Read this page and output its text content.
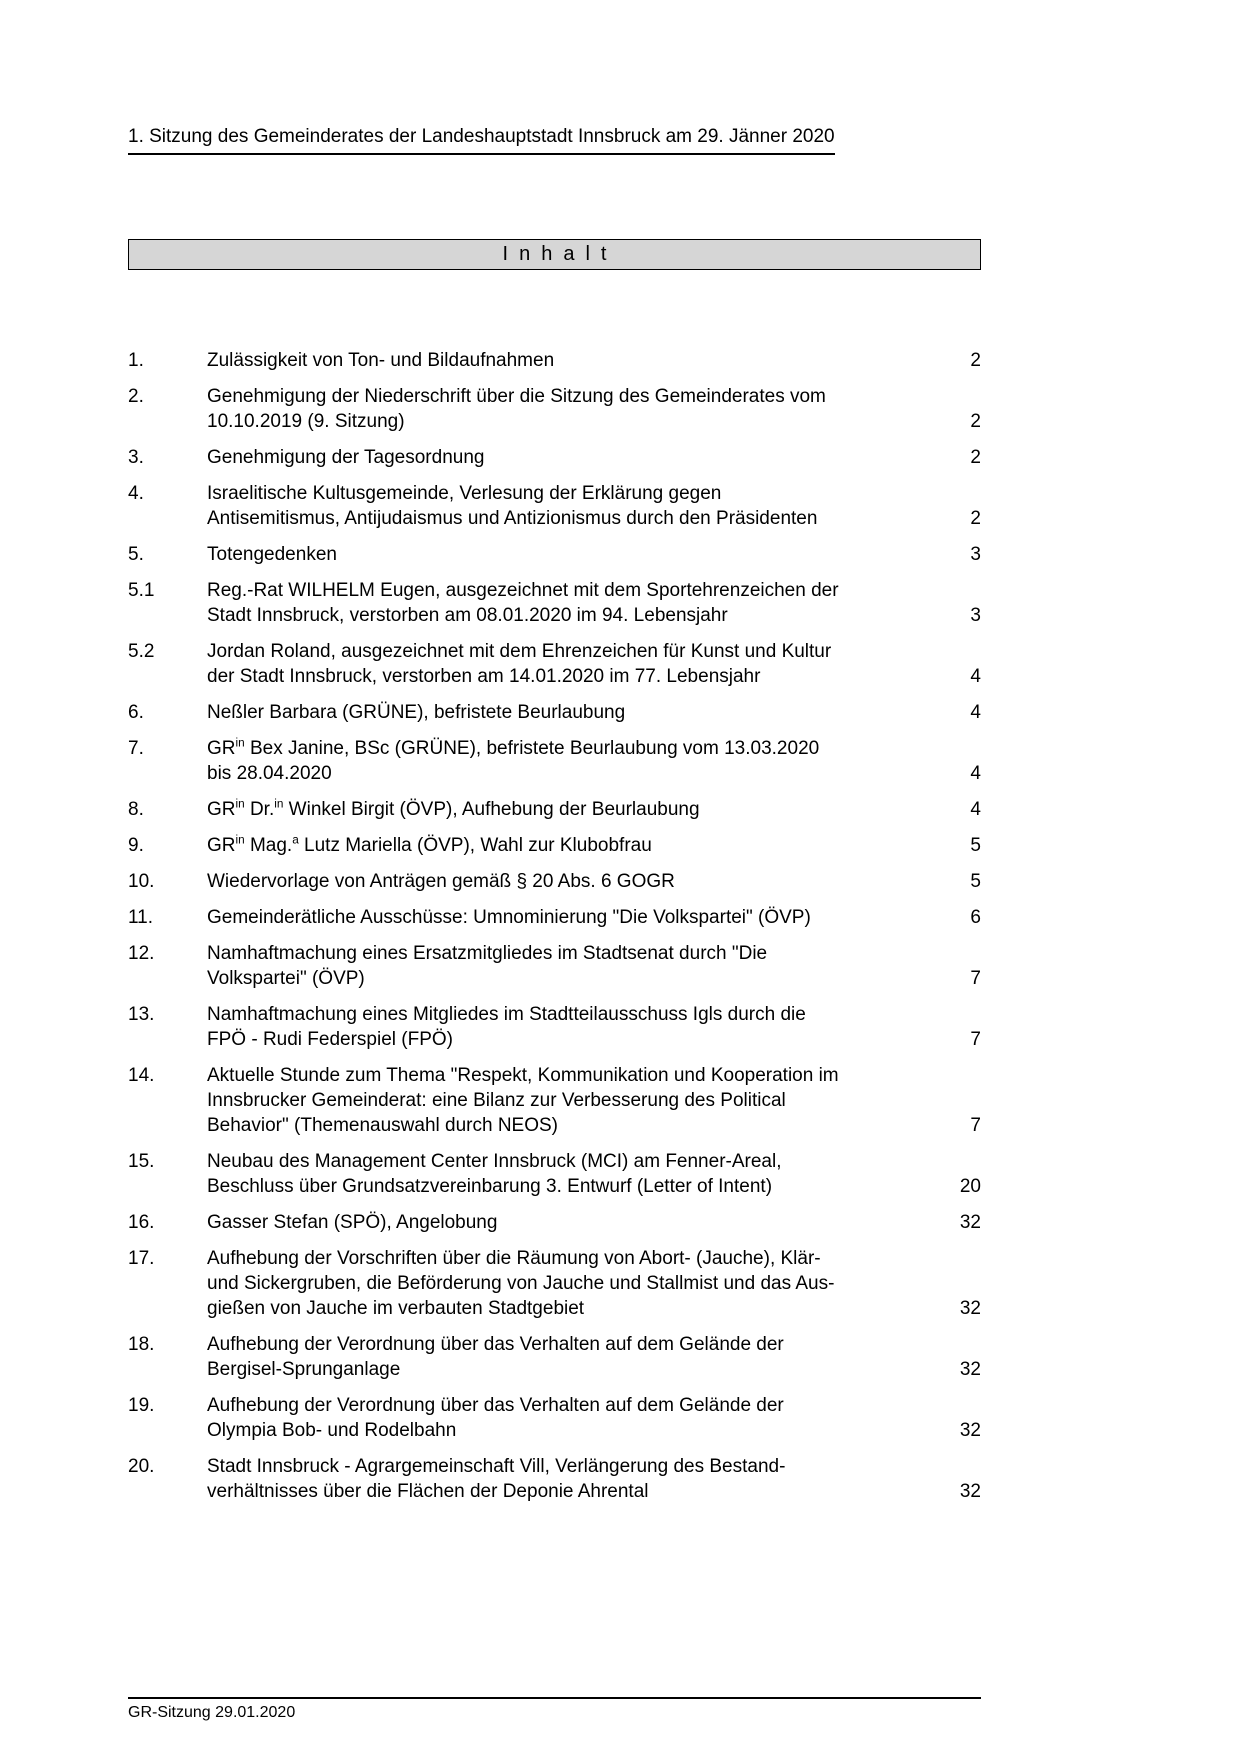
1. Sitzung des Gemeinderates der Landeshauptstadt Innsbruck am 29. Jänner 2020
Inhalt
1.	Zulässigkeit von Ton- und Bildaufnahmen	2
2.	Genehmigung der Niederschrift über die Sitzung des Gemeinderates vom
10.10.2019 (9. Sitzung)	2
3.	Genehmigung der Tagesordnung	2
4.	Israelitische Kultusgemeinde, Verlesung der Erklärung gegen
Antisemitismus, Antijudaismus und Antizionismus durch den Präsidenten	2
5.	Totengedenken	3
5.1	Reg.-Rat WILHELM Eugen, ausgezeichnet mit dem Sportehrenzeichen der
Stadt Innsbruck, verstorben am 08.01.2020 im 94. Lebensjahr	3
5.2	Jordan Roland, ausgezeichnet mit dem Ehrenzeichen für Kunst und Kultur
der Stadt Innsbruck, verstorben am 14.01.2020 im 77. Lebensjahr	4
6.	Neßler Barbara (GRÜNE), befristete Beurlaubung	4
7.	$GR^{in}$ Bex Janine, BSc (GRÜNE), befristete Beurlaubung vom 13.03.2020
bis 28.04.2020	4
8.	$GR^{in}$ Dr.$^{in}$ Winkel Birgit (ÖVP), Aufhebung der Beurlaubung	4
9.	$GR^{in}$ Mag.$^a$ Lutz Mariella (ÖVP), Wahl zur Klubobfrau	5
10.	Wiedervorlage von Anträgen gemäß § 20 Abs. 6 GOGR	5
11.	Gemeinderätliche Ausschüsse: Umnominierung "Die Volkspartei" (ÖVP)	6
12.	Namhaftmachung eines Ersatzmitgliedes im Stadtsenat durch "Die
Volkspartei" (ÖVP)	7
13.	Namhaftmachung eines Mitgliedes im Stadtteilausschuss Igls durch die
FPÖ - Rudi Federspiel (FPÖ)	7
14.	Aktuelle Stunde zum Thema "Respekt, Kommunikation und Kooperation im
Innsbrucker Gemeinderat: eine Bilanz zur Verbesserung des Political
Behavior" (Themenauswahl durch NEOS)	7
15.	Neubau des Management Center Innsbruck (MCI) am Fenner-Areal,
Beschluss über Grundsatzvereinbarung 3. Entwurf (Letter of Intent)	20
16.	Gasser Stefan (SPÖ), Angelobung	32
17.	Aufhebung der Vorschriften über die Räumung von Abort- (Jauche), Klär-
und Sickergruben, die Beförderung von Jauche und Stallmist und das Aus-
gießen von Jauche im verbauten Stadtgebiet	32
18.	Aufhebung der Verordnung über das Verhalten auf dem Gelände der
Bergisel-Sprunganlage	32
19.	Aufhebung der Verordnung über das Verhalten auf dem Gelände der
Olympia Bob- und Rodelbahn	32
20.	Stadt Innsbruck - Agrargemeinschaft Vill, Verlängerung des Bestand-
verhältnisses über die Flächen der Deponie Ahrental	32
GR-Sitzung 29.01.2020
